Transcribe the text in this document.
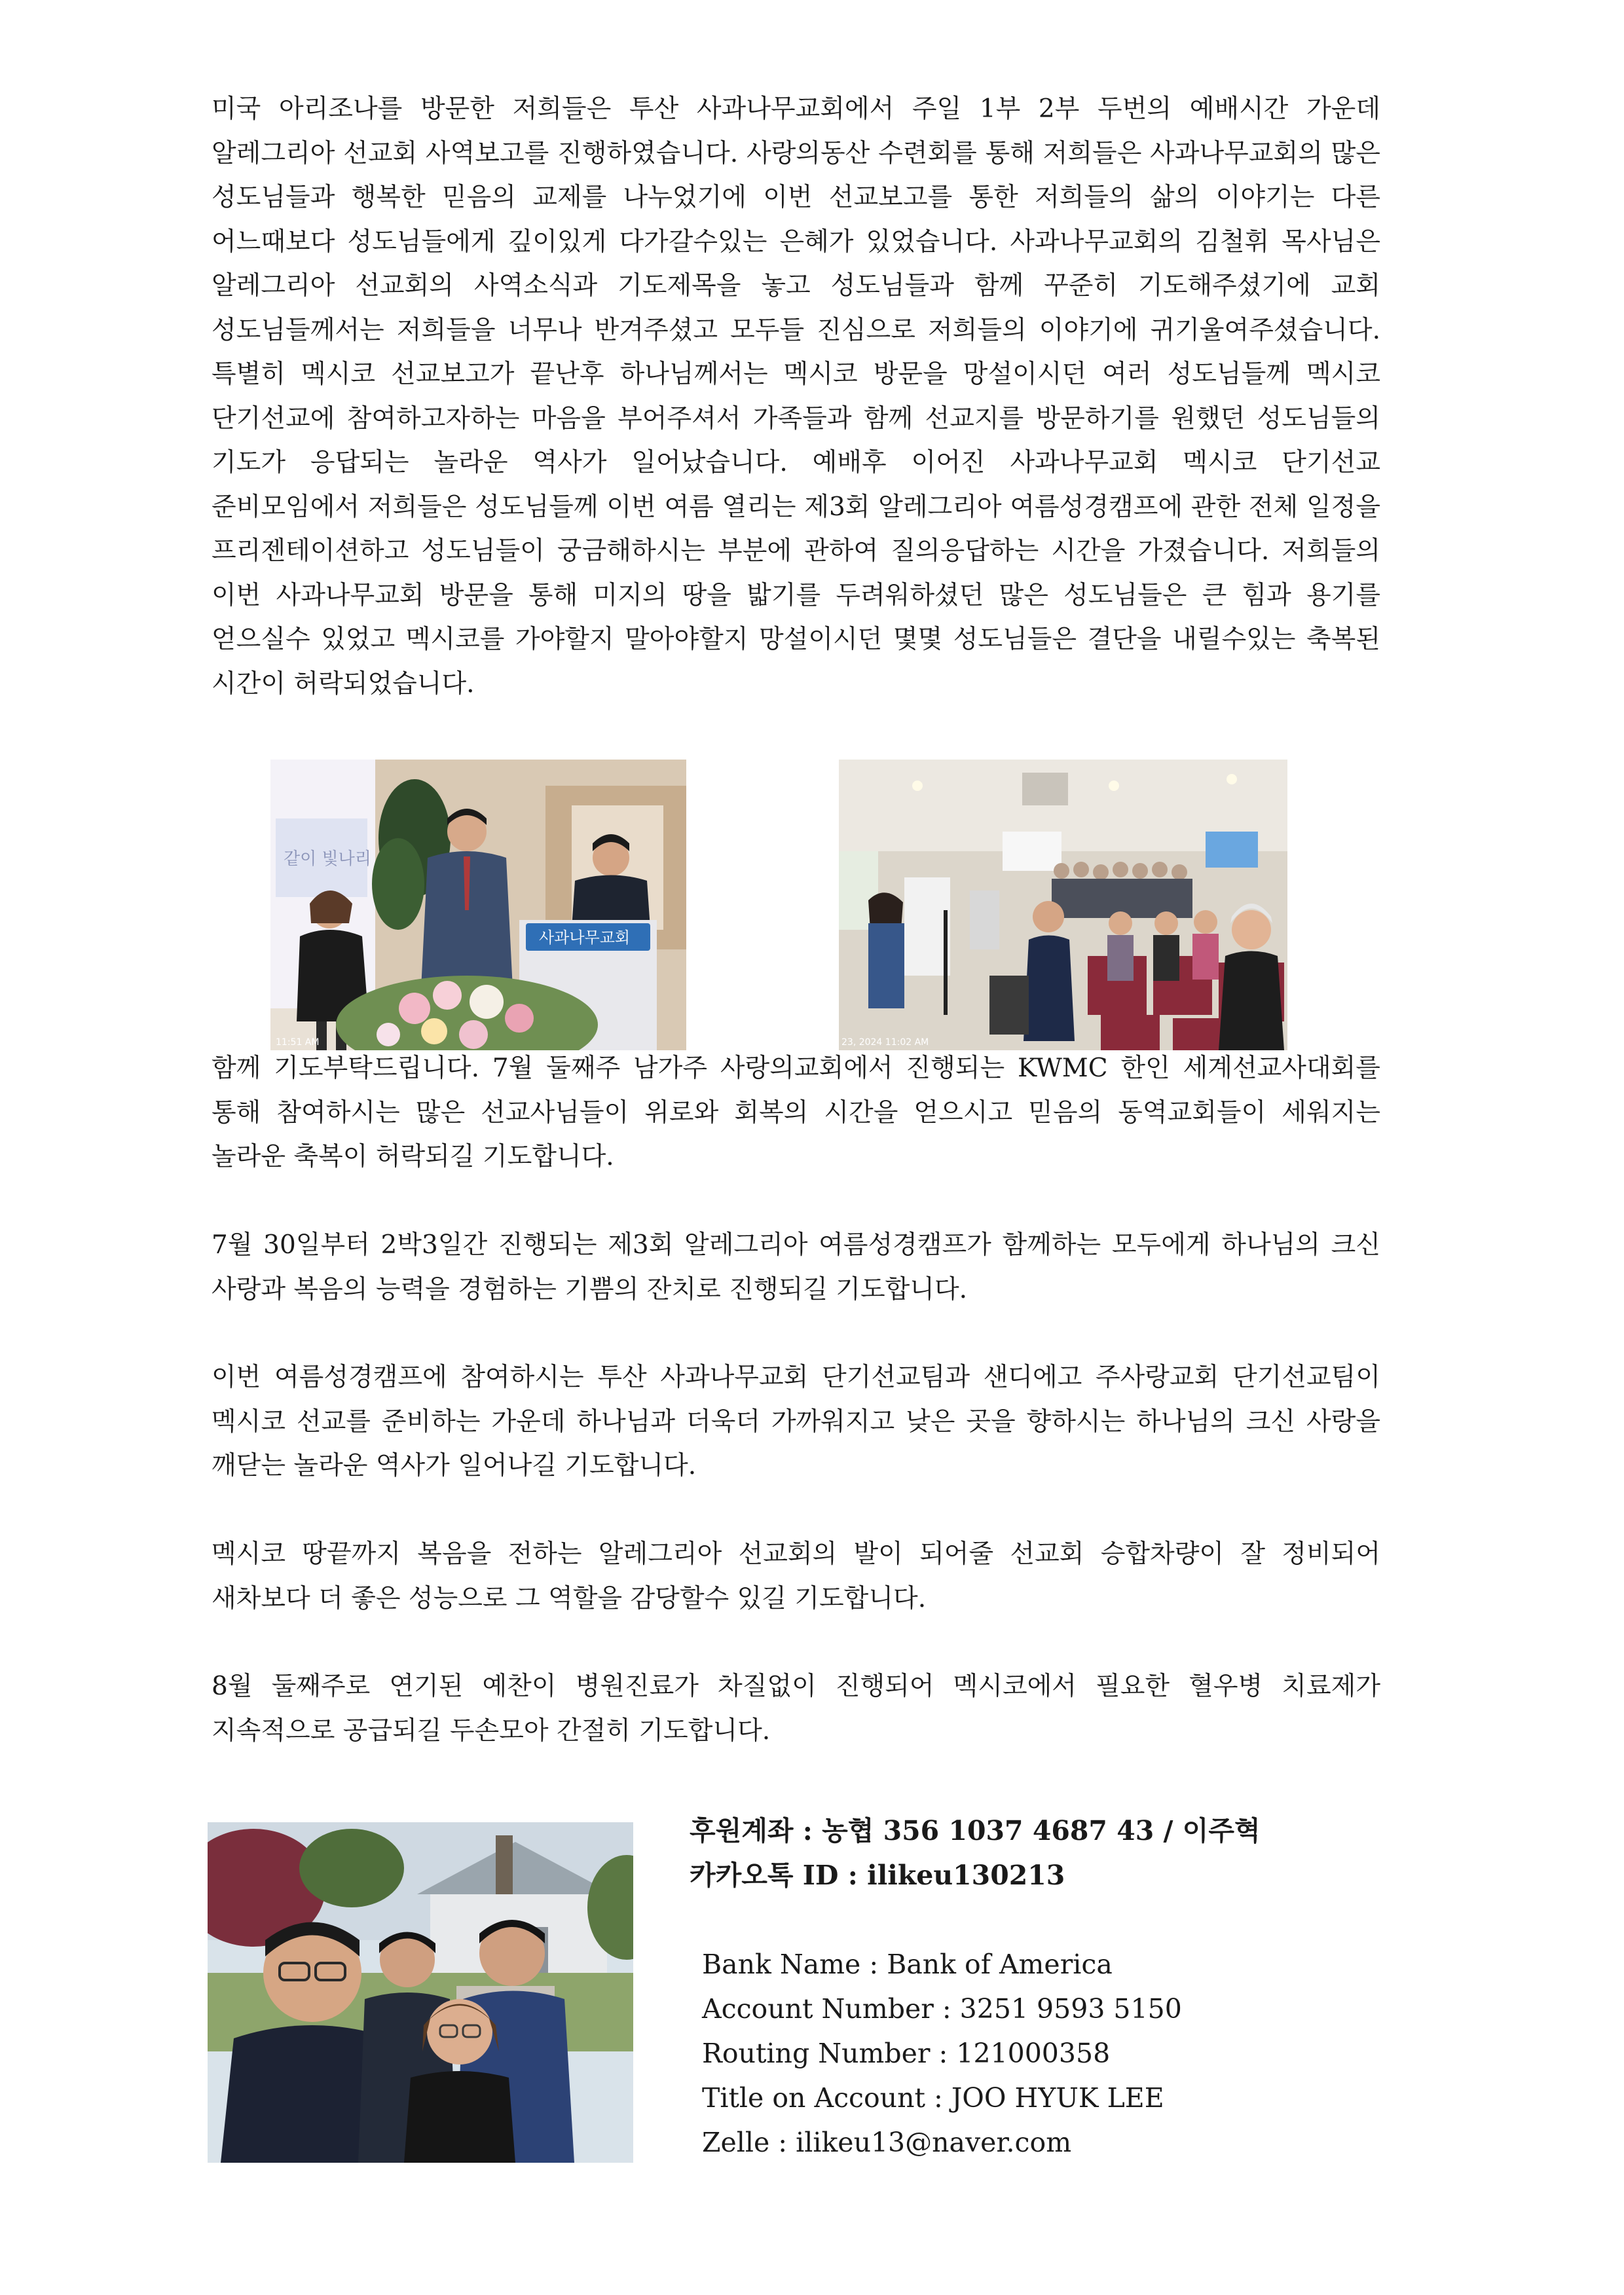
미국 아리조나를 방문한 저희들은 투산 사과나무교회에서 주일 1부 2부 두번의 예배시간 가운데 알레그리아 선교회 사역보고를 진행하였습니다. 사랑의동산 수련회를 통해 저희들은 사과나무교회의 많은 성도님들과 행복한 믿음의 교제를 나누었기에 이번 선교보고를 통한 저희들의 삶의 이야기는 다른 어느때보다 성도님들에게 깊이있게 다가갈수있는 은혜가 있었습니다. 사과나무교회의 김철휘 목사님은 알레그리아 선교회의 사역소식과 기도제목을 놓고 성도님들과 함께 꾸준히 기도해주셨기에 교회 성도님들께서는 저희들을 너무나 반겨주셨고 모두들 진심으로 저희들의 이야기에 귀기울여주셨습니다. 특별히 멕시코 선교보고가 끝난후 하나님께서는 멕시코 방문을 망설이시던 여러 성도님들께 멕시코 단기선교에 참여하고자하는 마음을 부어주셔서 가족들과 함께 선교지를 방문하기를 원했던 성도님들의 기도가 응답되는 놀라운 역사가 일어났습니다. 예배후 이어진 사과나무교회 멕시코 단기선교 준비모임에서 저희들은 성도님들께 이번 여름 열리는 제3회 알레그리아 여름성경캠프에 관한 전체 일정을 프리젠테이션하고 성도님들이 궁금해하시는 부분에 관하여 질의응답하는 시간을 가졌습니다. 저희들의 이번 사과나무교회 방문을 통해 미지의 땅을 밟기를 두려워하셨던 많은 성도님들은 큰 힘과 용기를 얻으실수 있었고 멕시코를 가야할지 말아야할지 망설이시던 몇몇 성도님들은 결단을 내릴수있는 축복된 시간이 허락되었습니다.

같이 빛나리
사과나무교회
11:51 AM	23, 2024 11:02 AM

함께 기도부탁드립니다. 7월 둘째주 남가주 사랑의교회에서 진행되는 KWMC 한인 세계선교사대회를 통해 참여하시는 많은 선교사님들이 위로와 회복의 시간을 얻으시고 믿음의 동역교회들이 세워지는 놀라운 축복이 허락되길 기도합니다.

7월 30일부터 2박3일간 진행되는 제3회 알레그리아 여름성경캠프가 함께하는 모두에게 하나님의 크신 사랑과 복음의 능력을 경험하는 기쁨의 잔치로 진행되길 기도합니다.

이번 여름성경캠프에 참여하시는 투산 사과나무교회 단기선교팀과 샌디에고 주사랑교회 단기선교팀이 멕시코 선교를 준비하는 가운데 하나님과 더욱더 가까워지고 낮은 곳을 향하시는 하나님의 크신 사랑을 깨닫는 놀라운 역사가 일어나길 기도합니다.

멕시코 땅끝까지 복음을 전하는 알레그리아 선교회의 발이 되어줄 선교회 승합차량이 잘 정비되어 새차보다 더 좋은 성능으로 그 역할을 감당할수 있길 기도합니다.

8월 둘째주로 연기된 예찬이 병원진료가 차질없이 진행되어 멕시코에서 필요한 혈우병 치료제가 지속적으로 공급되길 두손모아 간절히 기도합니다.

후원계좌 : 농협 356 1037 4687 43 / 이주혁
카카오톡 ID : ilikeu130213
Bank Name : Bank of America
Account Number : 3251 9593 5150
Routing Number : 121000358
Title on Account : JOO HYUK LEE
Zelle : ilikeu13@naver.com
